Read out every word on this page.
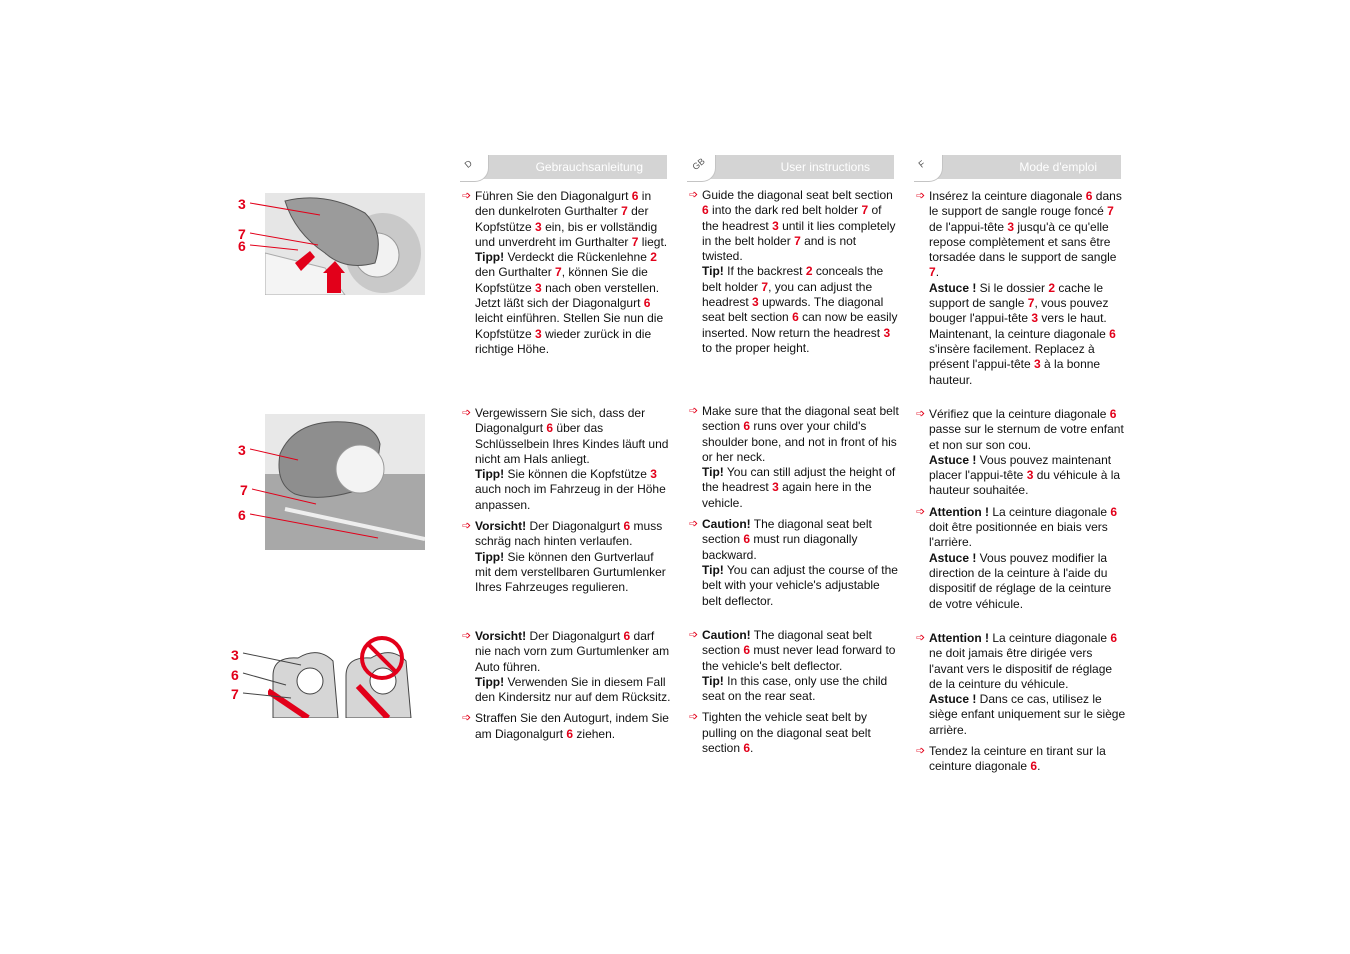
3
7
6
3
7
6
3
6
7
D	Gebrauchsanleitung
➩ Führen Sie den Diagonalgurt 6 in den dunkelroten Gurthalter 7 der Kopfstütze 3 ein, bis er vollständig und unverdreht im Gurthalter 7 liegt.
Tipp! Verdeckt die Rückenlehne 2 den Gurthalter 7, können Sie die Kopfstütze 3 nach oben verstellen. Jetzt läßt sich der Diagonalgurt 6 leicht einführen. Stellen Sie nun die Kopfstütze 3 wieder zurück in die richtige Höhe.
➩ Vergewissern Sie sich, dass der Diagonalgurt 6 über das Schlüsselbein Ihres Kindes läuft und nicht am Hals anliegt.
Tipp! Sie können die Kopfstütze 3 auch noch im Fahrzeug in der Höhe anpassen.
➩ Vorsicht! Der Diagonalgurt 6 muss schräg nach hinten verlaufen.
Tipp! Sie können den Gurtverlauf mit dem verstellbaren Gurtumlenker Ihres Fahrzeuges regulieren.
➩ Vorsicht! Der Diagonalgurt 6 darf nie nach vorn zum Gurtumlenker am Auto führen.
Tipp! Verwenden Sie in diesem Fall den Kindersitz nur auf dem Rücksitz.
➩ Straffen Sie den Autogurt, indem Sie am Diagonalgurt 6 ziehen.
GB	User instructions
➩ Guide the diagonal seat belt section 6 into the dark red belt holder 7 of the headrest 3 until it lies completely in the belt holder 7 and is not twisted.
Tip! If the backrest 2 conceals the belt holder 7, you can adjust the headrest 3 upwards. The diagonal seat belt section 6 can now be easily inserted. Now return the headrest 3 to the proper height.
➩ Make sure that the diagonal seat belt section 6 runs over your child's shoulder bone, and not in front of his or her neck.
Tip! You can still adjust the height of the headrest 3 again here in the vehicle.
➩ Caution! The diagonal seat belt section 6 must run diagonally backward.
Tip! You can adjust the course of the belt with your vehicle's adjustable belt deflector.
➩ Caution! The diagonal seat belt section 6 must never lead forward to the vehicle's belt deflector.
Tip! In this case, only use the child seat on the rear seat.
➩ Tighten the vehicle seat belt by pulling on the diagonal seat belt section 6.
F	Mode d'emploi
➩ Insérez la ceinture diagonale 6 dans le support de sangle rouge foncé 7 de l'appui-tête 3 jusqu'à ce qu'elle repose complètement et sans être torsadée dans le support de sangle 7.
Astuce ! Si le dossier 2 cache le support de sangle 7, vous pouvez bouger l'appui-tête 3 vers le haut. Maintenant, la ceinture diagonale 6 s'insère facilement. Replacez à présent l'appui-tête 3 à la bonne hauteur.
➩ Vérifiez que la ceinture diagonale 6 passe sur le sternum de votre enfant et non sur son cou.
Astuce ! Vous pouvez maintenant placer l'appui-tête 3 du véhicule à la hauteur souhaitée.
➩ Attention ! La ceinture diagonale 6 doit être positionnée en biais vers l'arrière.
Astuce ! Vous pouvez modifier la direction de la ceinture à l'aide du dispositif de réglage de la ceinture de votre véhicule.
➩ Attention ! La ceinture diagonale 6 ne doit jamais être dirigée vers l'avant vers le dispositif de réglage de la ceinture du véhicule.
Astuce ! Dans ce cas, utilisez le siège enfant uniquement sur le siège arrière.
➩ Tendez la ceinture en tirant sur la ceinture diagonale 6.
